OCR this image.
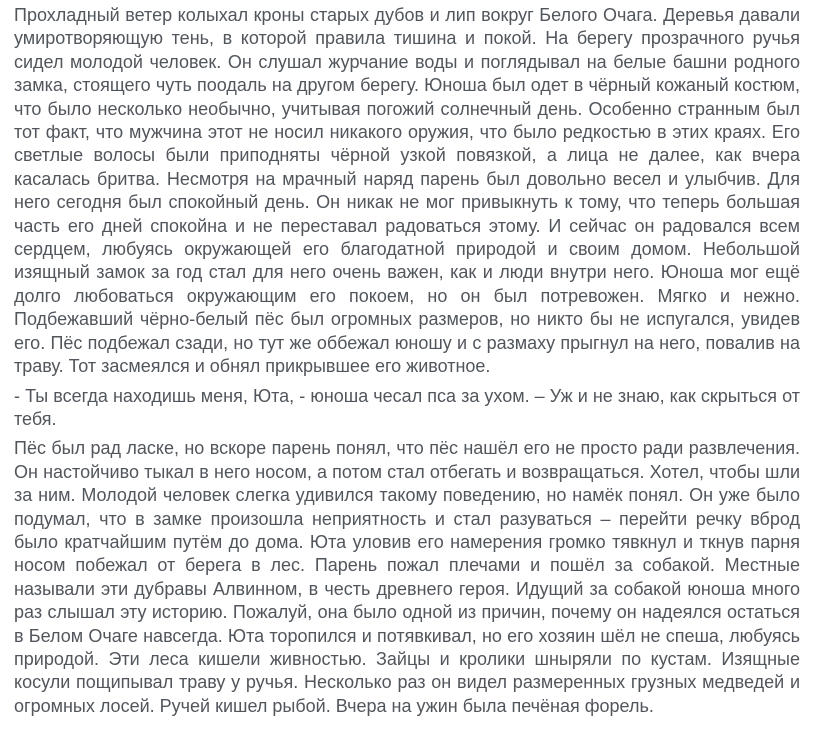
Прохладный ветер колыхал кроны старых дубов и лип вокруг Белого Очага. Деревья давали умиротворяющую тень, в которой правила тишина и покой. На берегу прозрачного ручья сидел молодой человек. Он слушал журчание воды и поглядывал на белые башни родного замка, стоящего чуть поодаль на другом берегу. Юноша был одет в чёрный кожаный костюм, что было несколько необычно, учитывая погожий солнечный день. Особенно странным был тот факт, что мужчина этот не носил никакого оружия, что было редкостью в этих краях. Его светлые волосы были приподняты чёрной узкой повязкой, а лица не далее, как вчера касалась бритва. Несмотря на мрачный наряд парень был довольно весел и улыбчив. Для него сегодня был спокойный день. Он никак не мог привыкнуть к тому, что теперь большая часть его дней спокойна и не переставал радоваться этому. И сейчас он радовался всем сердцем, любуясь окружающей его благодатной природой и своим домом. Небольшой изящный замок за год стал для него очень важен, как и люди внутри него. Юноша мог ещё долго любоваться окружающим его покоем, но он был потревожен. Мягко и нежно. Подбежавший чёрно-белый пёс был огромных размеров, но никто бы не испугался, увидев его. Пёс подбежал сзади, но тут же оббежал юношу и с размаху прыгнул на него, повалив на траву. Тот засмеялся и обнял прикрывшее его животное.

- Ты всегда находишь меня, Юта, - юноша чесал пса за ухом. – Уж и не знаю, как скрыться от тебя.

Пёс был рад ласке, но вскоре парень понял, что пёс нашёл его не просто ради развлечения. Он настойчиво тыкал в него носом, а потом стал отбегать и возвращаться. Хотел, чтобы шли за ним. Молодой человек слегка удивился такому поведению, но намёк понял. Он уже было подумал, что в замке произошла неприятность и стал разуваться – перейти речку вброд было кратчайшим путём до дома. Юта уловив его намерения громко тявкнул и ткнув парня носом побежал от берега в лес. Парень пожал плечами и пошёл за собакой. Местные называли эти дубравы Алвинном, в честь древнего героя. Идущий за собакой юноша много раз слышал эту историю. Пожалуй, она было одной из причин, почему он надеялся остаться в Белом Очаге навсегда. Юта торопился и потявкивал, но его хозяин шёл не спеша, любуясь природой. Эти леса кишели живностью. Зайцы и кролики шныряли по кустам. Изящные косули пощипывал траву у ручья. Несколько раз он видел размеренных грузных медведей и огромных лосей. Ручей кишел рыбой. Вчера на ужин была печёная форель.
